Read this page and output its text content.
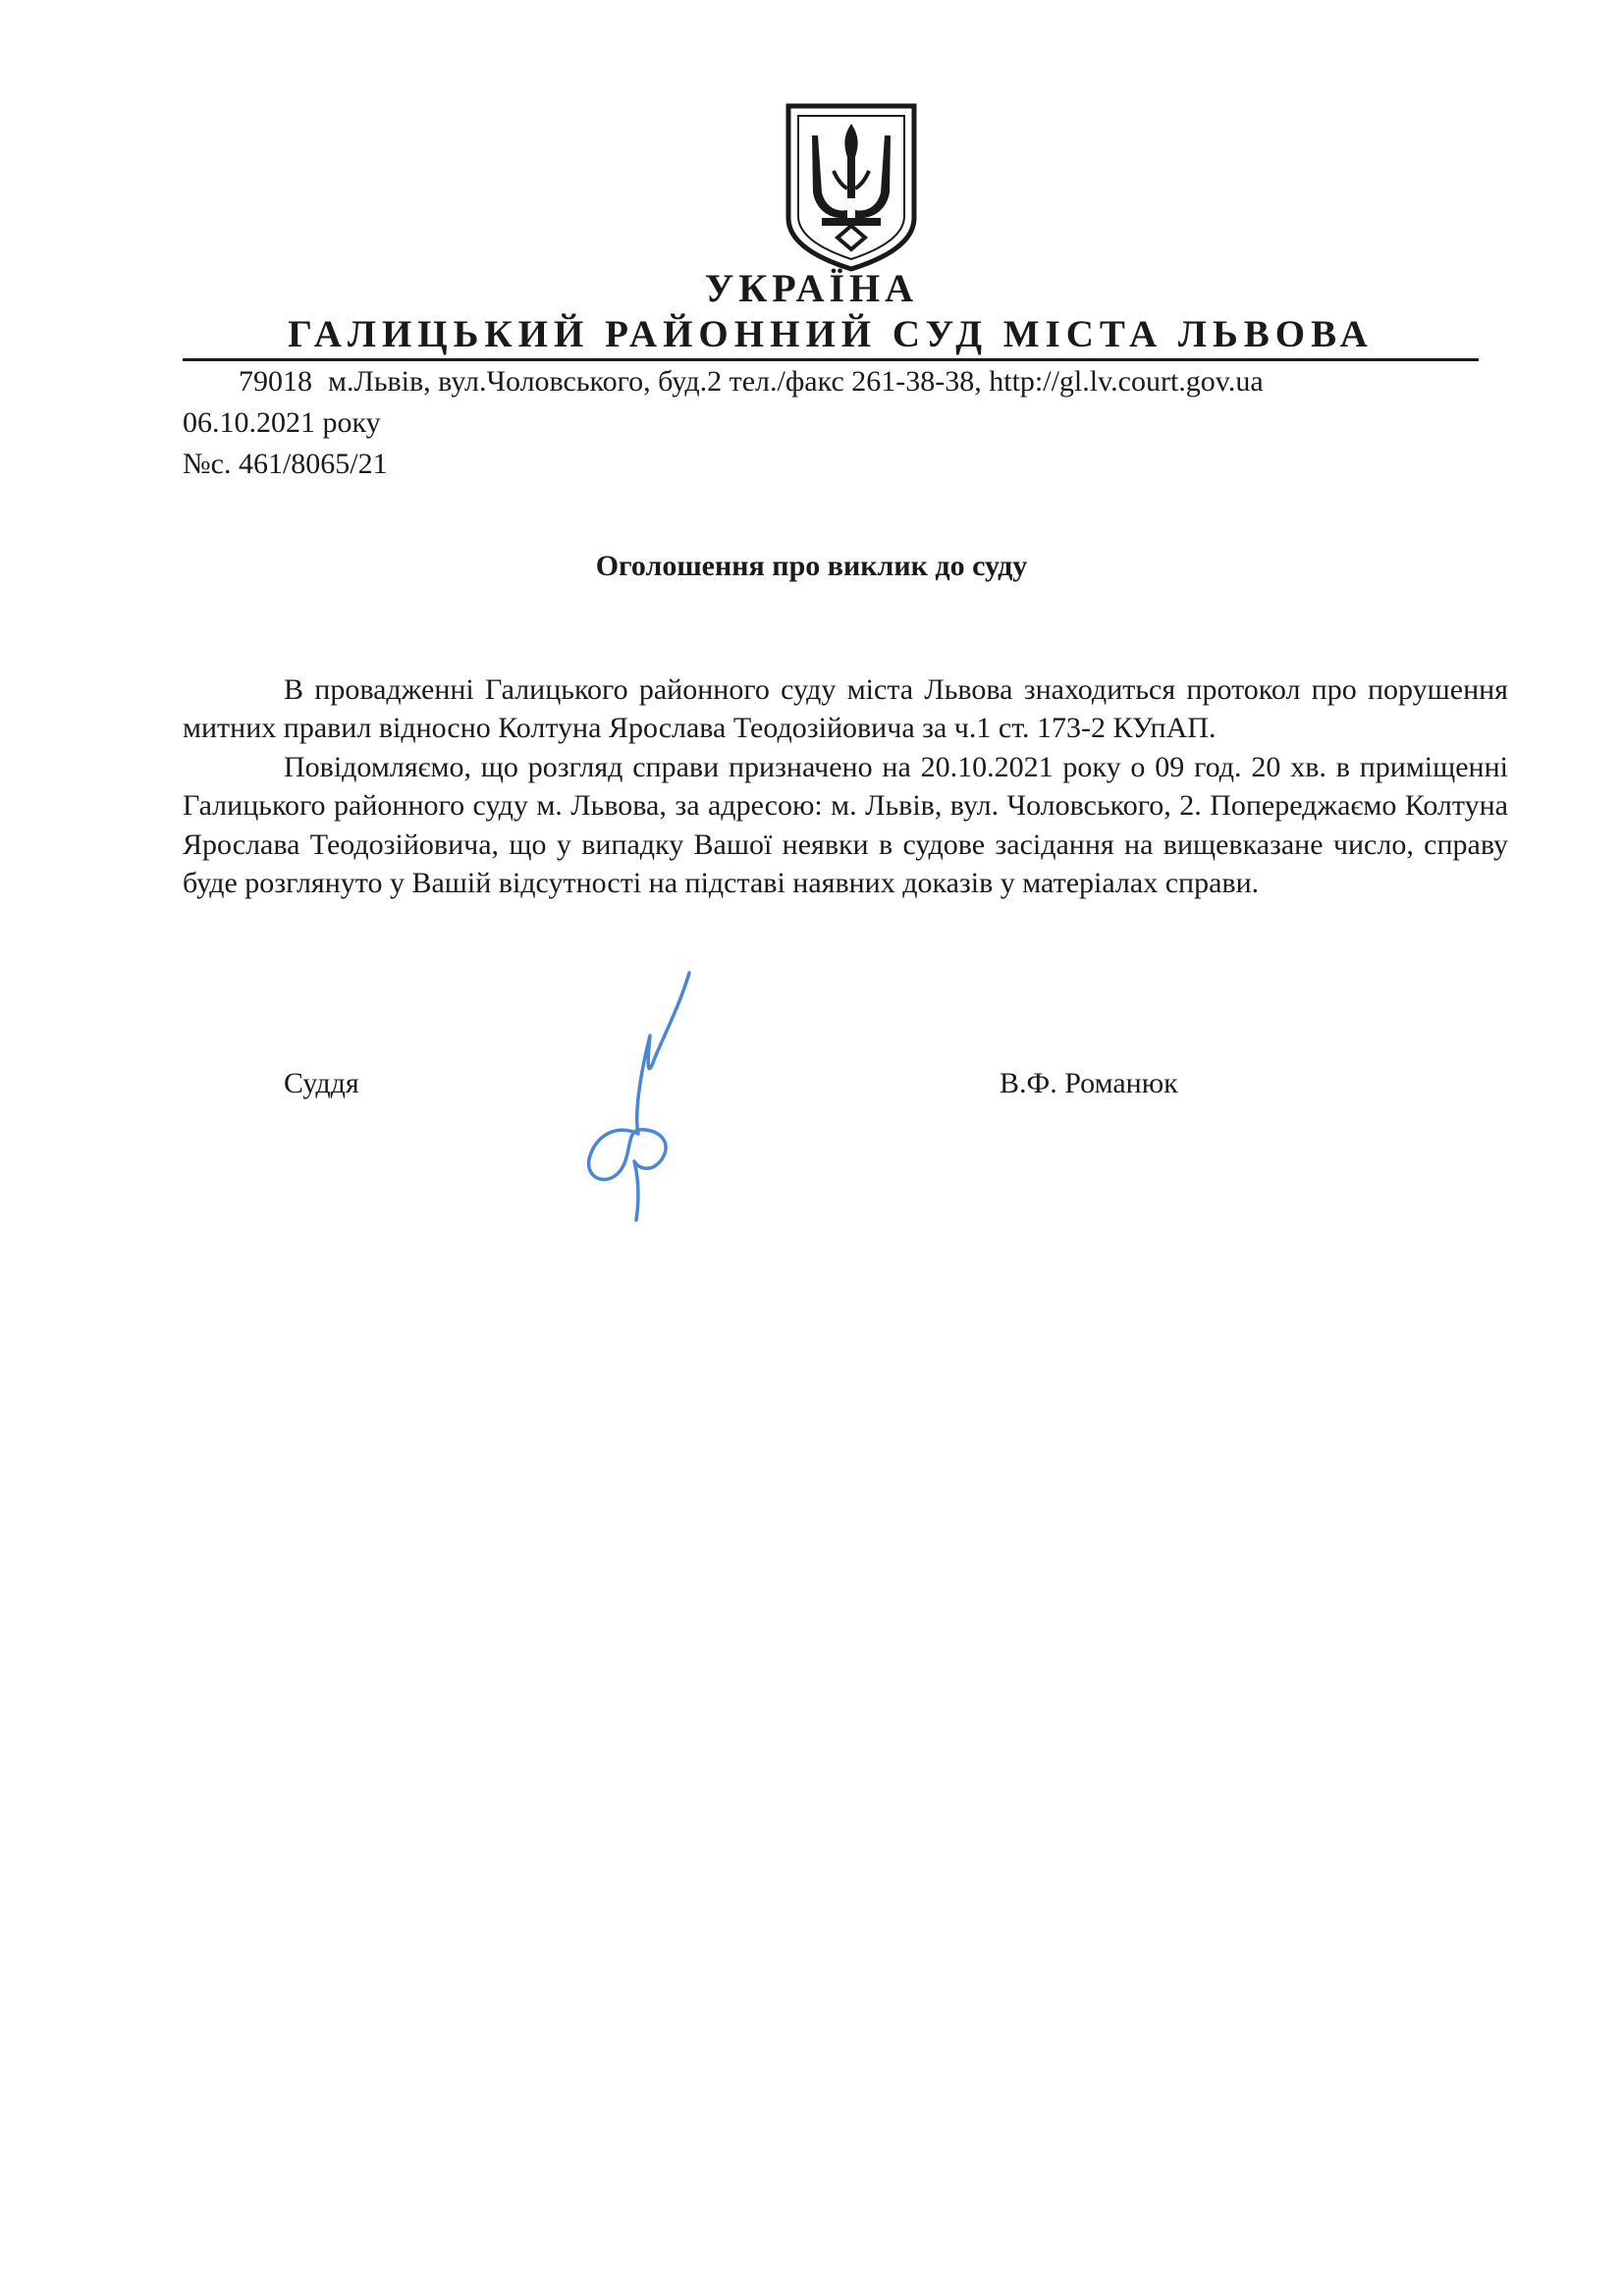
УКРАЇНА
ГАЛИЦЬКИЙ РАЙОННИЙ СУД МІСТА ЛЬВОВА
79018 м.Львів, вул.Чоловського, буд.2 тел./факс 261-38-38, http://gl.lv.court.gov.ua
06.10.2021 року
№с. 461/8065/21
Оголошення про виклик до суду

В провадженні Галицького районного суду міста Львова знаходиться протокол про порушення митних правил відносно Колтуна Ярослава Теодозійовича за ч.1 ст. 173-2 КУпАП.

Повідомляємо, що розгляд справи призначено на 20.10.2021 року о 09 год. 20 хв. в приміщенні Галицького районного суду м. Львова, за адресою: м. Львів, вул. Чоловського, 2. Попереджаємо Колтуна Ярослава Теодозійовича, що у випадку Вашої неявки в судове засідання на вищевказане число, справу буде розглянуто у Вашій відсутності на підставі наявних доказів у матеріалах справи.

Суддя	В.Ф. Романюк
